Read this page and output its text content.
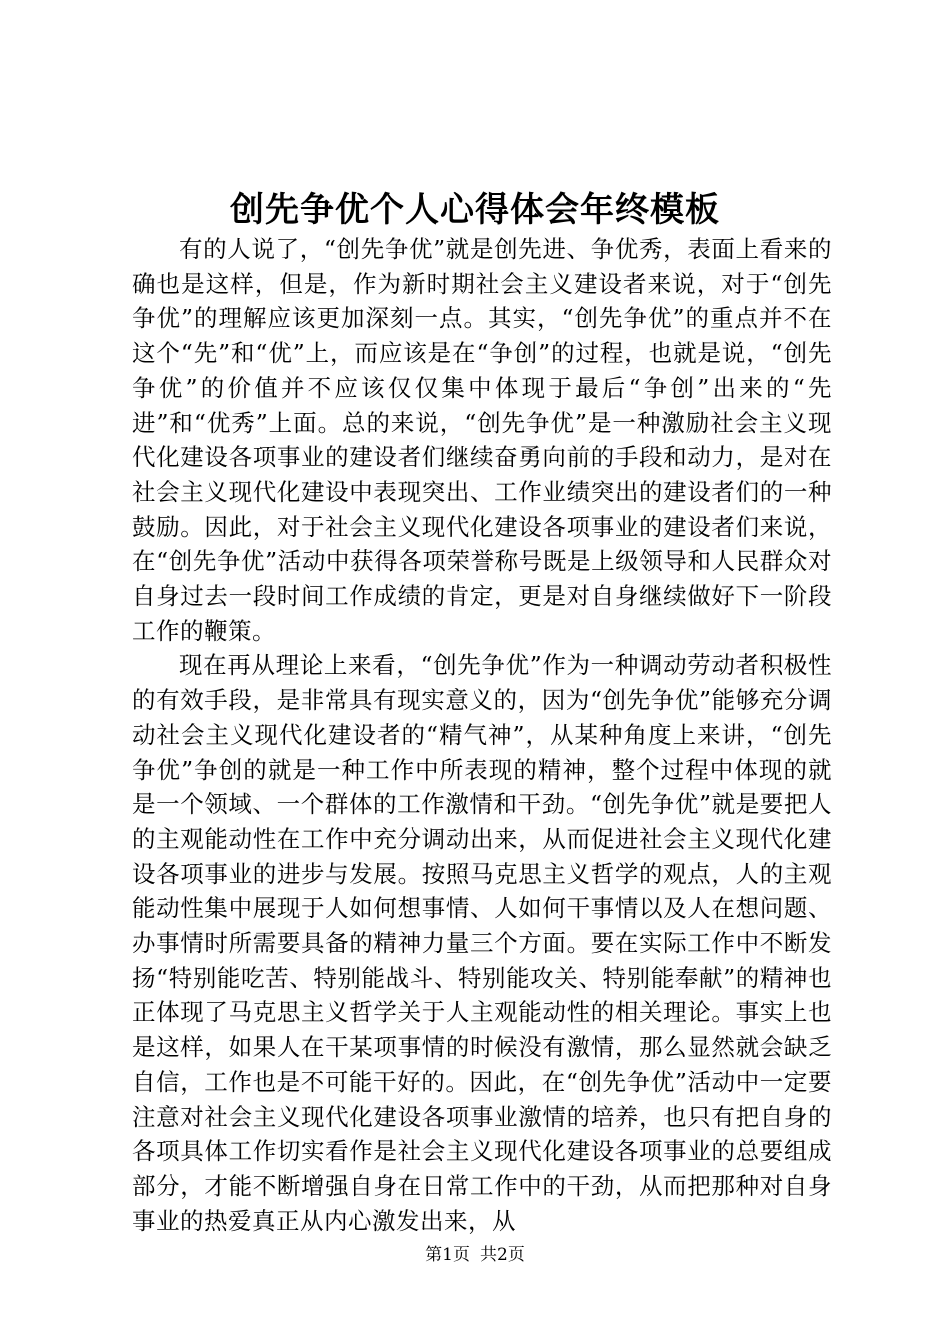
创先争优个人心得体会年终模板

有的人说了，“创先争优”就是创先进、争优秀，表面上看来的确也是这样，但是，作为新时期社会主义建设者来说，对于“创先争优”的理解应该更加深刻一点。其实，“创先争优”的重点并不在这个“先”和“优”上，而应该是在“争创”的过程，也就是说，“创先争优”的价值并不应该仅仅集中体现于最后“争创”出来的“先进”和“优秀”上面。总的来说，“创先争优”是一种激励社会主义现代化建设各项事业的建设者们继续奋勇向前的手段和动力，是对在社会主义现代化建设中表现突出、工作业绩突出的建设者们的一种鼓励。因此，对于社会主义现代化建设各项事业的建设者们来说，在“创先争优”活动中获得各项荣誉称号既是上级领导和人民群众对自身过去一段时间工作成绩的肯定，更是对自身继续做好下一阶段工作的鞭策。

现在再从理论上来看，“创先争优”作为一种调动劳动者积极性的有效手段，是非常具有现实意义的，因为“创先争优”能够充分调动社会主义现代化建设者的“精气神”，从某种角度上来讲，“创先争优”争创的就是一种工作中所表现的精神，整个过程中体现的就是一个领域、一个群体的工作激情和干劲。“创先争优”就是要把人的主观能动性在工作中充分调动出来，从而促进社会主义现代化建设各项事业的进步与发展。按照马克思主义哲学的观点，人的主观能动性集中展现于人如何想事情、人如何干事情以及人在想问题、办事情时所需要具备的精神力量三个方面。要在实际工作中不断发扬“特别能吃苦、特别能战斗、特别能攻关、特别能奉献”的精神也正体现了马克思主义哲学关于人主观能动性的相关理论。事实上也是这样，如果人在干某项事情的时候没有激情，那么显然就会缺乏自信，工作也是不可能干好的。因此，在“创先争优”活动中一定要注意对社会主义现代化建设各项事业激情的培养，也只有把自身的各项具体工作切实看作是社会主义现代化建设各项事业的总要组成部分，才能不断增强自身在日常工作中的干劲，从而把那种对自身事业的热爱真正从内心激发出来，从

第1页 共2页
